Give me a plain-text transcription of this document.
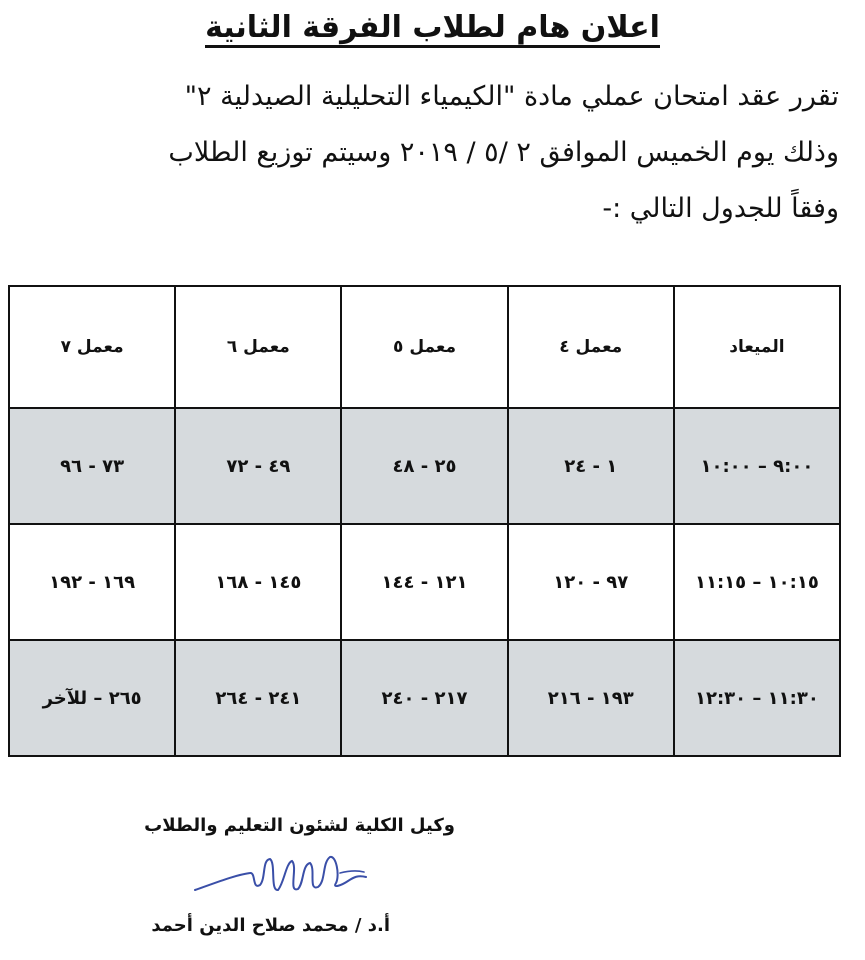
اعلان هام لطلاب الفرقة الثانية
تقرر عقد امتحان عملي مادة "الكيمياء التحليلية الصيدلية ٢"
وذلك يوم الخميس الموافق ٢ /٥ / ٢٠١٩ وسيتم توزيع الطلاب
وفقاً للجدول التالي :-
الميعاد	معمل ٤	معمل ٥	معمل ٦	معمل ٧
٩:٠٠ – ١٠:٠٠	١ - ٢٤	٢٥ - ٤٨	٤٩ - ٧٢	٧٣ - ٩٦
١٠:١٥ – ١١:١٥	٩٧ - ١٢٠	١٢١ - ١٤٤	١٤٥ - ١٦٨	١٦٩ - ١٩٢
١١:٣٠ – ١٢:٣٠	١٩٣ - ٢١٦	٢١٧ - ٢٤٠	٢٤١ - ٢٦٤	٢٦٥ – للآخر
وكيل الكلية لشئون التعليم والطلاب
أ.د / محمد صلاح الدين أحمد
